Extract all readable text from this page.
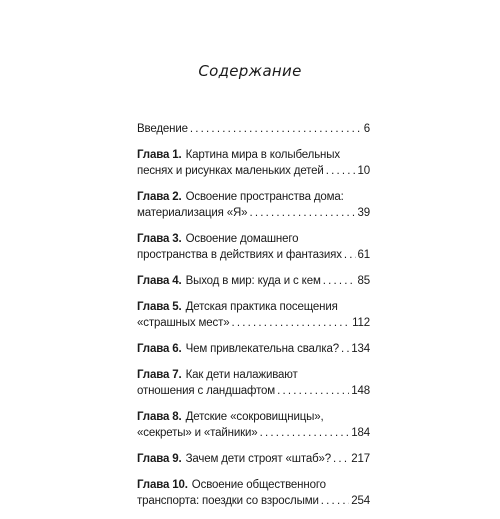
Содержание
Введение . . .	6
Глава 1. Картина мира в колыбельных
песнях и рисунках маленьких детей . . .	10
Глава 2. Освоение пространства дома:
материализация «Я» . . .	39
Глава 3. Освоение домашнего
пространства в действиях и фантазиях . . . 61
Глава 4. Выход в мир: куда и с кем . . .	85
Глава 5. Детская практика посещения
«страшных мест» . . .	112
Глава 6. Чем привлекательна свалка? . . . 134
Глава 7. Как дети налаживают
отношения с ландшафтом . . .	148
Глава 8. Детские «сокровищницы»,
«секреты» и «тайники» . . .	184
Глава 9. Зачем дети строят «штаб»? . . . 217
Глава 10. Освоение общественного
транспорта: поездки со взрослыми . . .	254
